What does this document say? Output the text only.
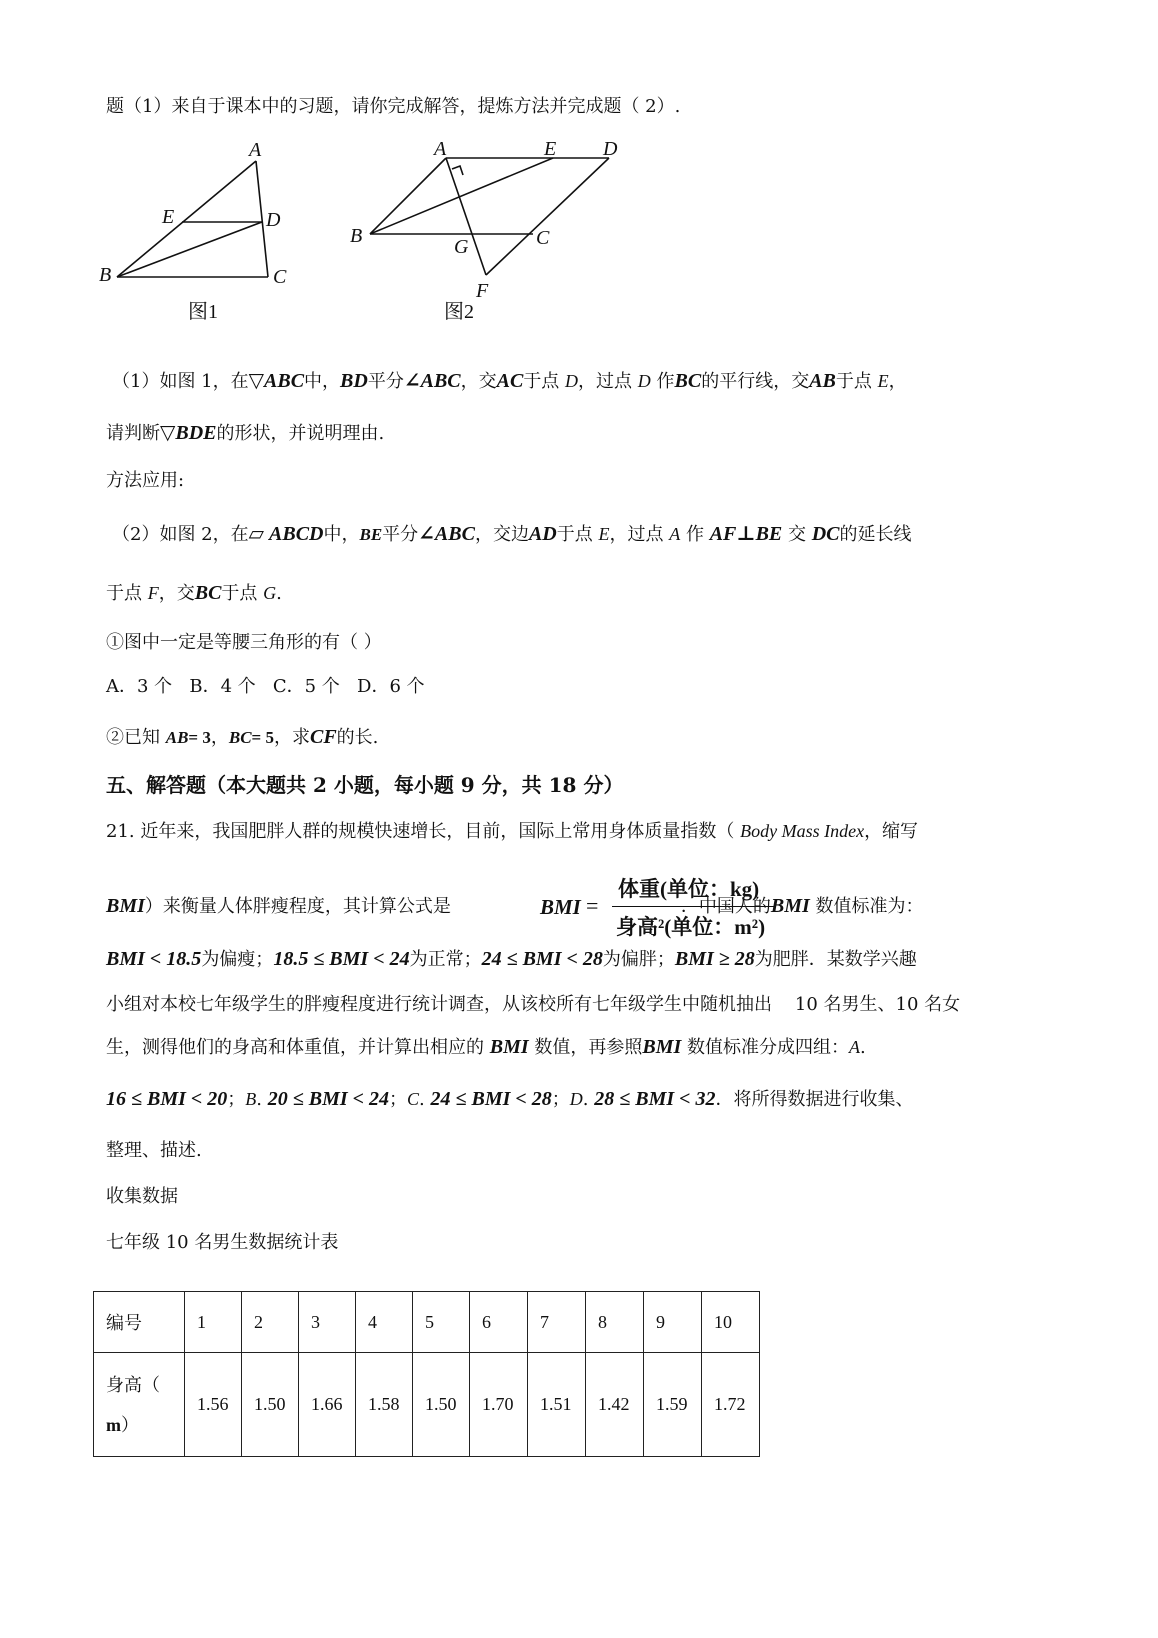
题（1）来自于课本中的习题，请你完成解答，提炼方法并完成题（ 2）.
A
E	D
B	C
图1
A	E D
B	G	C
F
图2
（1）如图 1，在▽ABC中，BD平分∠ABC，交AC于点 D，过点 D 作BC的平行线，交AB于点 E，
请判断▽BDE的形状，并说明理由.
方法应用:
（2）如图 2，在▱ ABCD中，BE平分∠ABC，交边AD于点 E，过点 A 作 AF⊥BE 交 DC的延长线
于点 F，交BC于点 G.
①图中一定是等腰三角形的有（ ）
A．3 个   B．4 个   C．5 个   D．6 个
②已知 AB= 3，BC= 5，求CF的长.
五、解答题（本大题共 2 小题，每小题 9 分，共 18 分）
21. 近年来，我国肥胖人群的规模快速增长，目前，国际上常用身体质量指数（ Body Mass Index，缩写
BMI =
体重(单位：kg)
身高²(单位：m²)
BMI）来衡量人体胖瘦程度，其计算公式是	．中国人的BMI 数值标准为：
BMI < 18.5为偏瘦；18.5 ≤ BMI < 24为正常；24 ≤ BMI < 28为偏胖；BMI ≥ 28为肥胖．某数学兴趣
小组对本校七年级学生的胖瘦程度进行统计调查，从该校所有七年级学生中随机抽出    10 名男生、10 名女
生，测得他们的身高和体重值，并计算出相应的 BMI 数值，再参照BMI 数值标准分成四组：A.
16 ≤ BMI < 20；B. 20 ≤ BMI < 24；C. 24 ≤ BMI < 28；D. 28 ≤ BMI < 32．将所得数据进行收集、
整理、描述.
收集数据
七年级 10 名男生数据统计表
编号	1	2	3	4	5	6	7	8	9	10
身高（
m）	1.56	1.50	1.66	1.58	1.50	1.70	1.51	1.42	1.59	1.72
